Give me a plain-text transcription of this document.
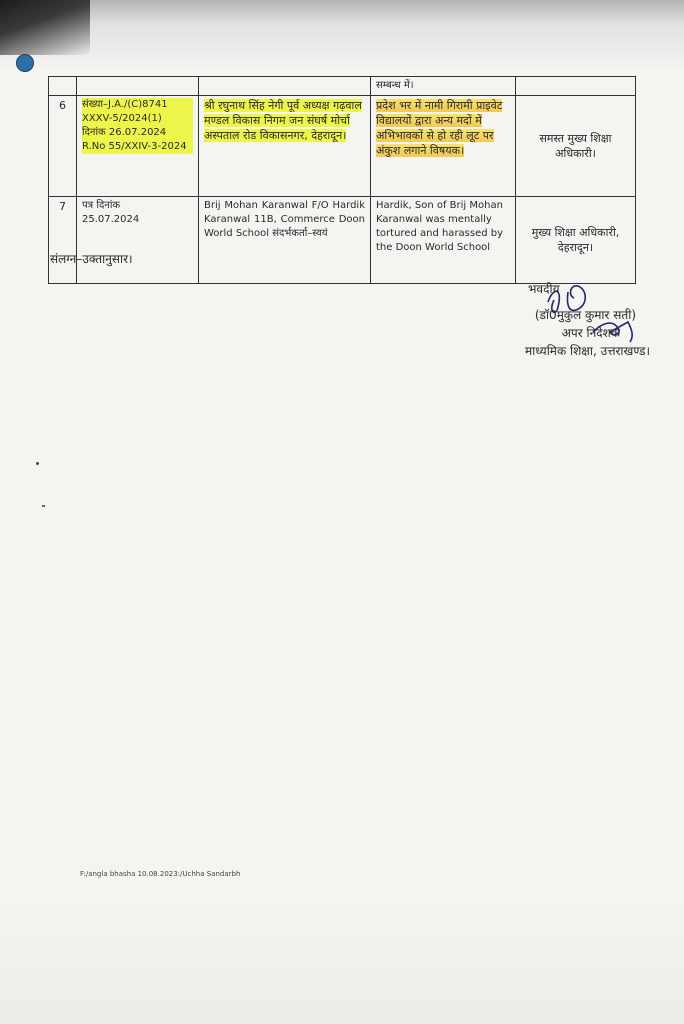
			सम्बन्ध में।	
6	संख्या–J.A./(C)8741
XXXV-5/2024(1)
दिनांक 26.07.2024
R.No 55/XXIV-3-2024	श्री रघुनाथ सिंह नेगी पूर्व अध्यक्ष गढ़वाल मण्डल विकास निगम जन संघर्ष मोर्चा अस्पताल रोड विकासनगर, देहरादून।	प्रदेश भर में नामी गिरामी प्राइवेट विद्यालयों द्वारा अन्य मदों में अभिभावकों से हो रही लूट पर अंकुश लगाने विषयक।	समस्त मुख्य शिक्षा अधिकारी।
7	पत्र दिनांक
25.07.2024	Brij Mohan Karanwal F/O Hardik Karanwal 11B, Commerce Doon World School संदर्भकर्ता–स्वयं	Hardik, Son of Brij Mohan Karanwal was mentally tortured and harassed by the Doon World School	मुख्य शिक्षा अधिकारी, देहरादून।
संलग्न–उक्तानुसार।
भवदीय
(डॉ0मुकुल कुमार सती)
अपर निदेशक
माध्यमिक शिक्षा, उत्तराखण्ड।
F:/angla bhasha 10.08.2023:/Uchha Sandarbh
